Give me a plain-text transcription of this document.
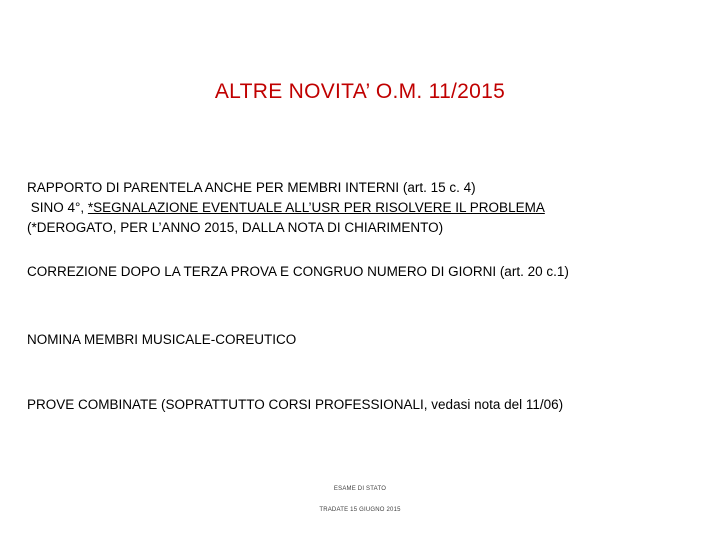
ALTRE NOVITA’ O.M. 11/2015
RAPPORTO DI PARENTELA ANCHE PER MEMBRI INTERNI (art. 15 c. 4)
SINO 4°, *SEGNALAZIONE EVENTUALE ALL’USR PER RISOLVERE IL PROBLEMA
(*DEROGATO, PER L’ANNO 2015, DALLA NOTA DI CHIARIMENTO)
CORREZIONE DOPO LA TERZA PROVA E CONGRUO NUMERO DI GIORNI (art. 20 c.1)
NOMINA MEMBRI MUSICALE-COREUTICO
PROVE COMBINATE (SOPRATTUTTO CORSI PROFESSIONALI, vedasi nota del 11/06)
ESAME DI STATO
TRADATE 15 GIUGNO 2015
